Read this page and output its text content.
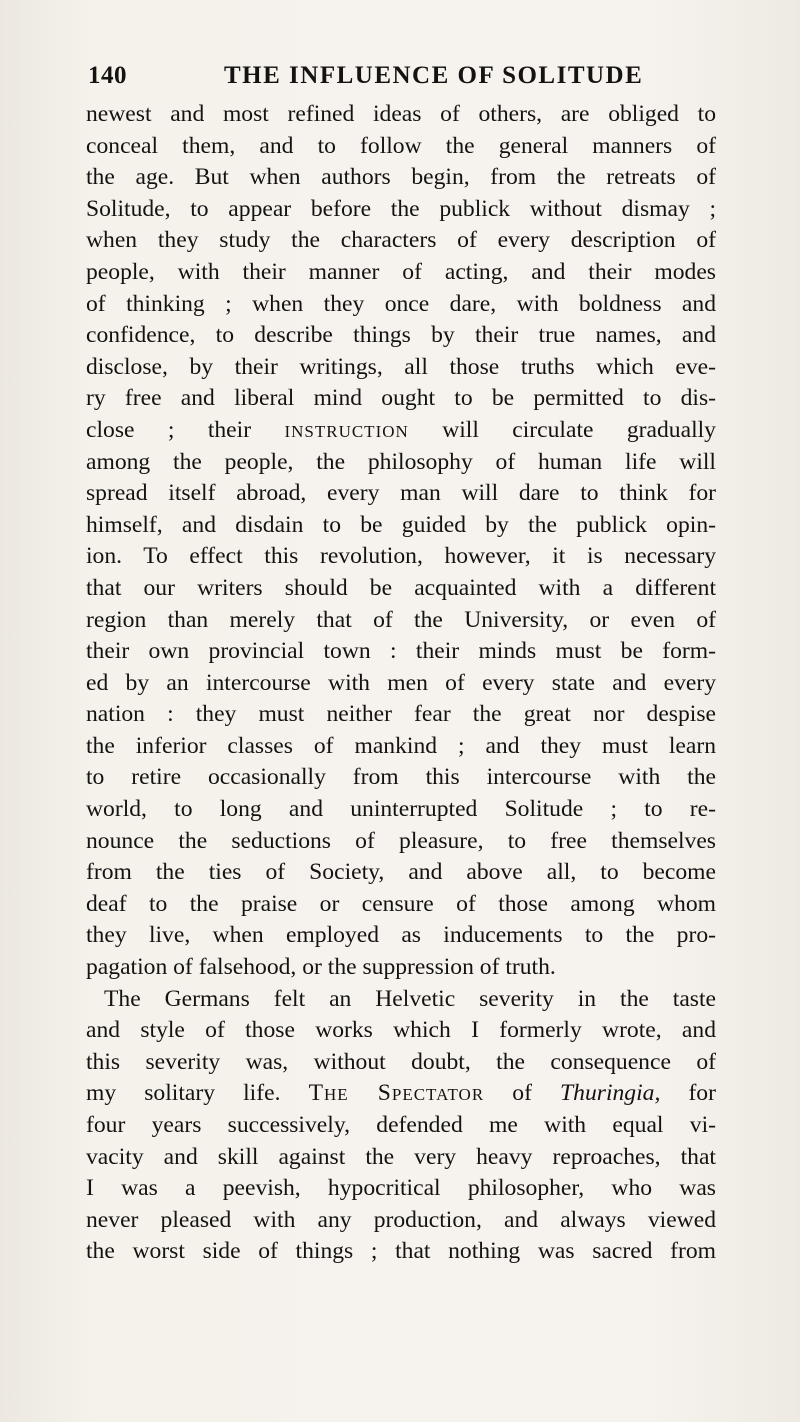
140	THE INFLUENCE OF SOLITUDE
newest and most refined ideas of others, are obliged to
conceal them, and to follow the general manners of
the age. But when authors begin, from the retreats of
Solitude, to appear before the publick without dismay ;
when they study the characters of every description of
people, with their manner of acting, and their modes
of thinking ; when they once dare, with boldness and
confidence, to describe things by their true names, and
disclose, by their writings, all those truths which eve-
ry free and liberal mind ought to be permitted to dis-
close ; their instruction will circulate gradually
among the people, the philosophy of human life will
spread itself abroad, every man will dare to think for
himself, and disdain to be guided by the publick opin-
ion. To effect this revolution, however, it is necessary
that our writers should be acquainted with a different
region than merely that of the University, or even of
their own provincial town : their minds must be form-
ed by an intercourse with men of every state and every
nation : they must neither fear the great nor despise
the inferior classes of mankind ; and they must learn
to retire occasionally from this intercourse with the
world, to long and uninterrupted Solitude ; to re-
nounce the seductions of pleasure, to free themselves
from the ties of Society, and above all, to become
deaf to the praise or censure of those among whom
they live, when employed as inducements to the pro-
pagation of falsehood, or the suppression of truth.
The Germans felt an Helvetic severity in the taste
and style of those works which I formerly wrote, and
this severity was, without doubt, the consequence of
my solitary life. The Spectator of Thuringia, for
four years successively, defended me with equal vi-
vacity and skill against the very heavy reproaches, that
I was a peevish, hypocritical philosopher, who was
never pleased with any production, and always viewed
the worst side of things ; that nothing was sacred from
